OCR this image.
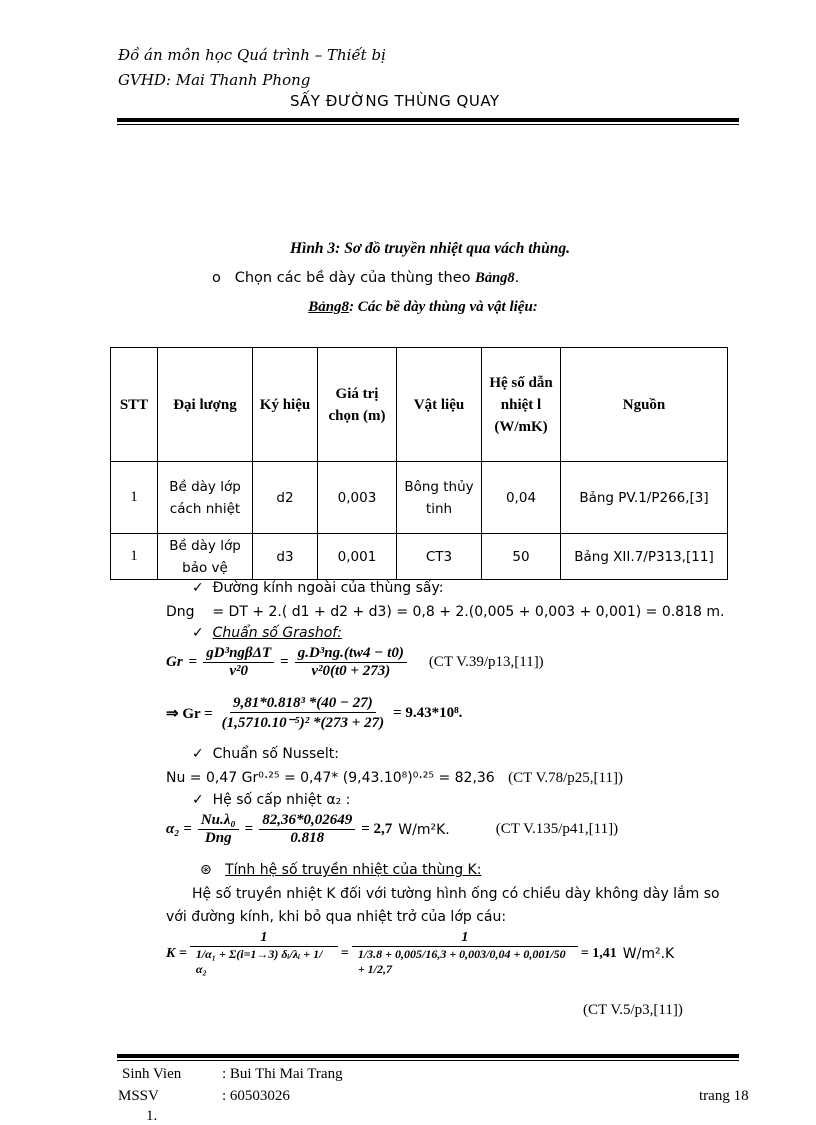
Đồ án môn học Quá trình – Thiết bị
GVHD: Mai Thanh Phong
SẤY ĐƯỜNG THÙNG QUAY
Hình 3: Sơ đồ truyền nhiệt qua vách thùng.
o Chọn các bề dày của thùng theo Bảng8.
Bảng8: Các bề dày thùng và vật liệu:
STT	Đại lượng	Ký hiệu	Giá trị chọn (m)	Vật liệu	Hệ số dẫn nhiệt l (W/mK)	Nguồn
1	Bề dày lớp cách nhiệt	d2	0,003	Bông thủy tinh	0,04	Bảng PV.1/P266,[3]
1	Bề dày lớp bảo vệ	d3	0,001	CT3	50	Bảng XII.7/P313,[11]
✓ Đường kính ngoài của thùng sấy:
Dng = DT + 2.( d1 + d2 + d3) = 0,8 + 2.(0,005 + 0,003 + 0,001) = 0.818 m.
✓ Chuẩn số Grashof:
$Gr = \frac{\text{gD³ngβΔT}}{\text{ν²0}} = \frac{\text{g.D³ng.(tw4 − t0)}}{\text{ν²0(t0 + 273)}} (CT$ V.39/p13,[11])
⇒ $Gr = \frac{\text{9,81*0.818³ *(40 − 27)}}{\text{(1,5710.10⁻⁵)² *(273 + 27)}} = 9.43*10^8$.
✓ Chuẩn số Nusselt:
Nu = 0,47 Gr⁰·²⁵ = 0,47* (9,43.10⁸)⁰·²⁵ = 82,36 (CT V.78/p25,[11])
✓ Hệ số cấp nhiệt α₂ :
$\alpha_2 = \frac{\text{Nu.λ₀}}{\text{Dng}} = \frac{82,36*0,02649}{0.818} = 2,7$ W/m²K.	(CT V.135/p41,[11])
⊛ Tính hệ số truyền nhiệt của thùng K:
Hệ số truyền nhiệt K đối với tường hình ống có chiều dày không dày lắm so
với đường kính, khi bỏ qua nhiệt trở của lớp cáu:
$K = \frac{1}{\text{1/α₁ + Σ(i=1→3) δᵢ/λᵢ + 1/α₂}} = \frac{1}{1/3.8 + 0,005/16,3 + 0,003/0,04 + 0,001/50 + 1/2,7} = 1,41$ W/m².K
(CT V.5/p3,[11])
Sinh Vien	: Bui Thi Mai Trang
MSSV	: 60503026	trang 18
1.
